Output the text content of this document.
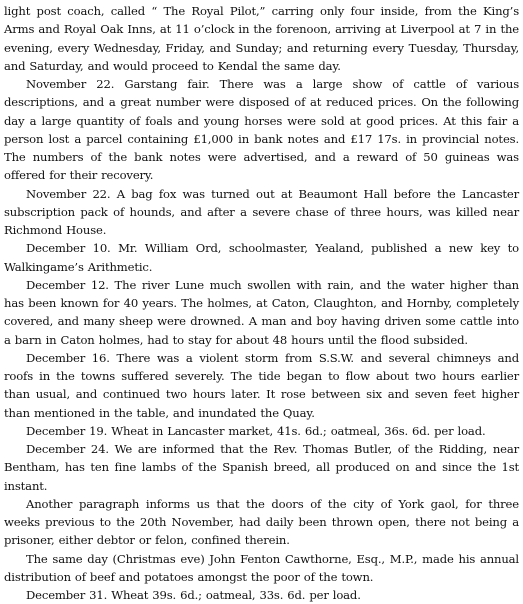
light post coach, called “ The Royal Pilot,” carring only four inside, from the King’s Arms and Royal Oak Inns, at 11 o’clock in the forenoon, arriving at Liverpool at 7 in the evening, every Wednesday, Friday, and Sunday; and returning every Tuesday, Thursday, and Saturday, and would proceed to Kendal the same day.

November 22. Garstang fair. There was a large show of cattle of various descriptions, and a great number were disposed of at reduced prices. On the following day a large quantity of foals and young horses were sold at good prices. At this fair a person lost a parcel containing £1,000 in bank notes and £17 17s. in provincial notes. The numbers of the bank notes were advertised, and a reward of 50 guineas was offered for their recovery.

November 22. A bag fox was turned out at Beaumont Hall before the Lancaster subscription pack of hounds, and after a severe chase of three hours, was killed near Richmond House.

December 10. Mr. William Ord, schoolmaster, Yealand, published a new key to Walkingame’s Arithmetic.

December 12. The river Lune much swollen with rain, and the water higher than has been known for 40 years. The holmes, at Caton, Claughton, and Hornby, completely covered, and many sheep were drowned. A man and boy having driven some cattle into a barn in Caton holmes, had to stay for about 48 hours until the flood subsided.

December 16. There was a violent storm from S.S.W. and several chimneys and roofs in the towns suffered severely. The tide began to flow about two hours earlier than usual, and continued two hours later. It rose between six and seven feet higher than mentioned in the table, and inundated the Quay.

December 19. Wheat in Lancaster market, 41s. 6d.; oatmeal, 36s. 6d. per load.

December 24. We are informed that the Rev. Thomas Butler, of the Ridding, near Bentham, has ten fine lambs of the Spanish breed, all produced on and since the 1st instant.

Another paragraph informs us that the doors of the city of York gaol, for three weeks previous to the 20th November, had daily been thrown open, there not being a prisoner, either debtor or felon, confined therein.

The same day (Christmas eve) John Fenton Cawthorne, Esq., M.P., made his annual distribution of beef and potatoes amongst the poor of the town.

December 31. Wheat 39s. 6d.; oatmeal, 33s. 6d. per load.
